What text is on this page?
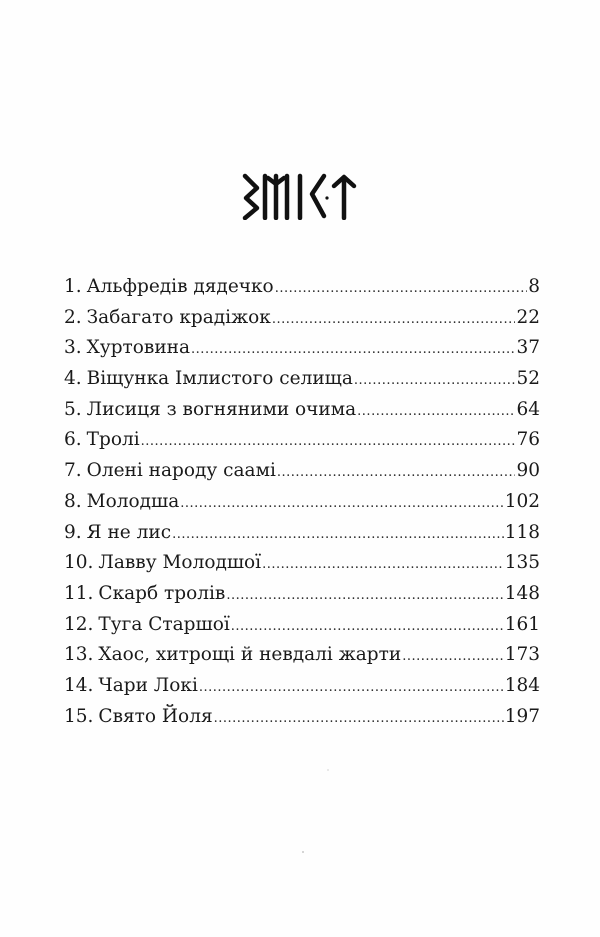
1. Альфредів дядечко .....	8
2. Забагато крадіжок .....	22
3. Хуртовина .....	37
4. Віщунка Імлистого селища .....	52
5. Лисиця з вогняними очима .....	64
6. Тролі .....	76
7. Олені народу саамі .....	90
8. Молодша .....	102
9. Я не лис .....	118
10. Лавву Молодшої .....	135
11. Скарб тролів .....	148
12. Туга Старшої .....	161
13. Хаос, хитрощі й невдалі жарти .....	173
14. Чари Локі .....	184
15. Свято Йоля .....	197
